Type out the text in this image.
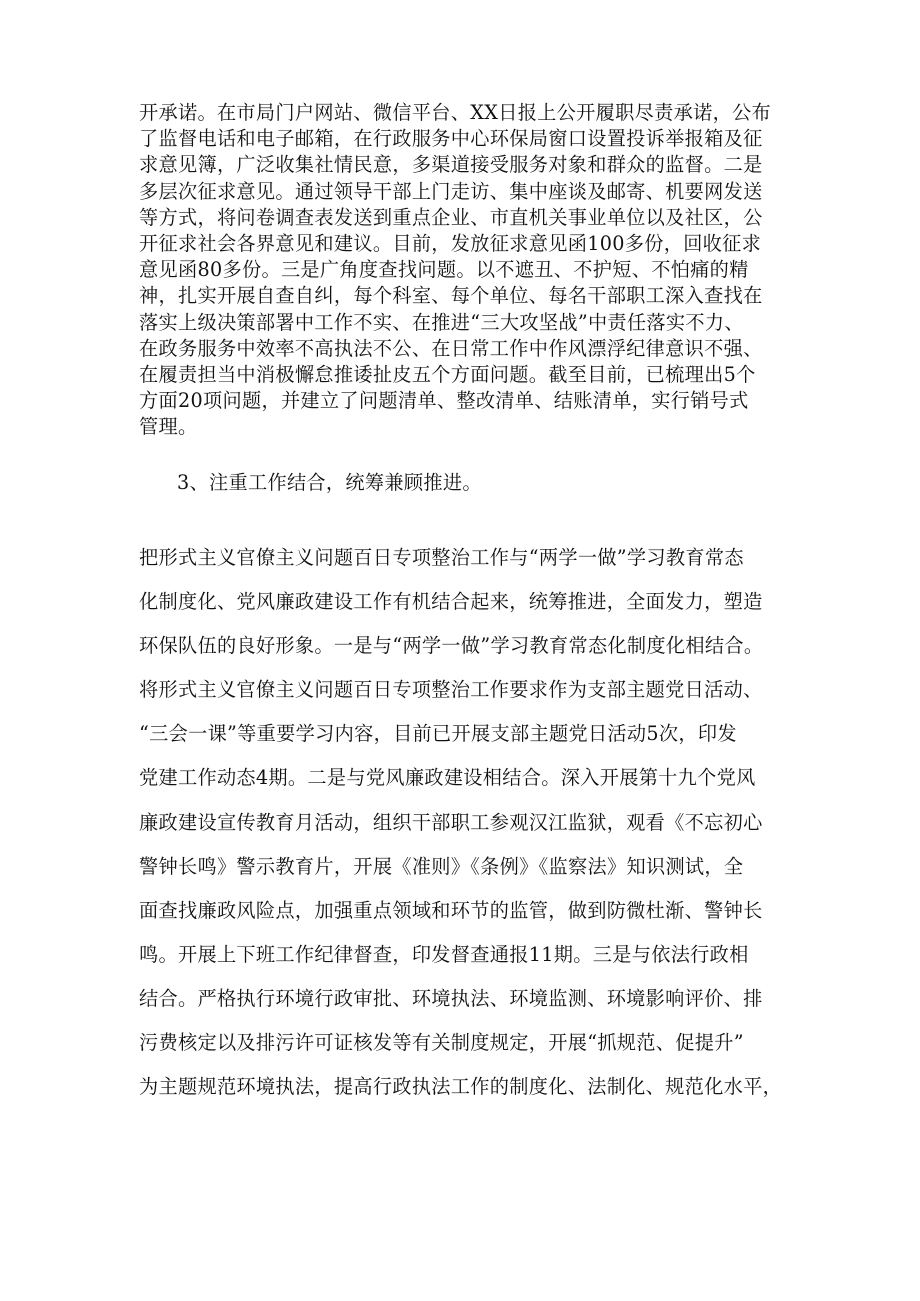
开承诺。在市局门户网站、微信平台、XX日报上公开履职尽责承诺，公布
了监督电话和电子邮箱，在行政服务中心环保局窗口设置投诉举报箱及征
求意见簿，广泛收集社情民意，多渠道接受服务对象和群众的监督。二是
多层次征求意见。通过领导干部上门走访、集中座谈及邮寄、机要网发送
等方式，将问卷调查表发送到重点企业、市直机关事业单位以及社区，公
开征求社会各界意见和建议。目前，发放征求意见函100多份，回收征求
意见函80多份。三是广角度查找问题。以不遮丑、不护短、不怕痛的精
神，扎实开展自查自纠，每个科室、每个单位、每名干部职工深入查找在
落实上级决策部署中工作不实、在推进“三大攻坚战”中责任落实不力、
在政务服务中效率不高执法不公、在日常工作中作风漂浮纪律意识不强、
在履责担当中消极懈怠推诿扯皮五个方面问题。截至目前，已梳理出5个
方面20项问题，并建立了问题清单、整改清单、结账清单，实行销号式
管理。
3、注重工作结合，统筹兼顾推进。
把形式主义官僚主义问题百日专项整治工作与“两学一做”学习教育常态
化制度化、党风廉政建设工作有机结合起来，统筹推进，全面发力，塑造
环保队伍的良好形象。一是与“两学一做”学习教育常态化制度化相结合。
将形式主义官僚主义问题百日专项整治工作要求作为支部主题党日活动、
“三会一课”等重要学习内容，目前已开展支部主题党日活动5次，印发
党建工作动态4期。二是与党风廉政建设相结合。深入开展第十九个党风
廉政建设宣传教育月活动，组织干部职工参观汉江监狱，观看《不忘初心
警钟长鸣》警示教育片，开展《准则》《条例》《监察法》知识测试，全
面查找廉政风险点，加强重点领域和环节的监管，做到防微杜渐、警钟长
鸣。开展上下班工作纪律督查，印发督查通报11期。三是与依法行政相
结合。严格执行环境行政审批、环境执法、环境监测、环境影响评价、排
污费核定以及排污许可证核发等有关制度规定，开展“抓规范、促提升”
为主题规范环境执法，提高行政执法工作的制度化、法制化、规范化水平，
